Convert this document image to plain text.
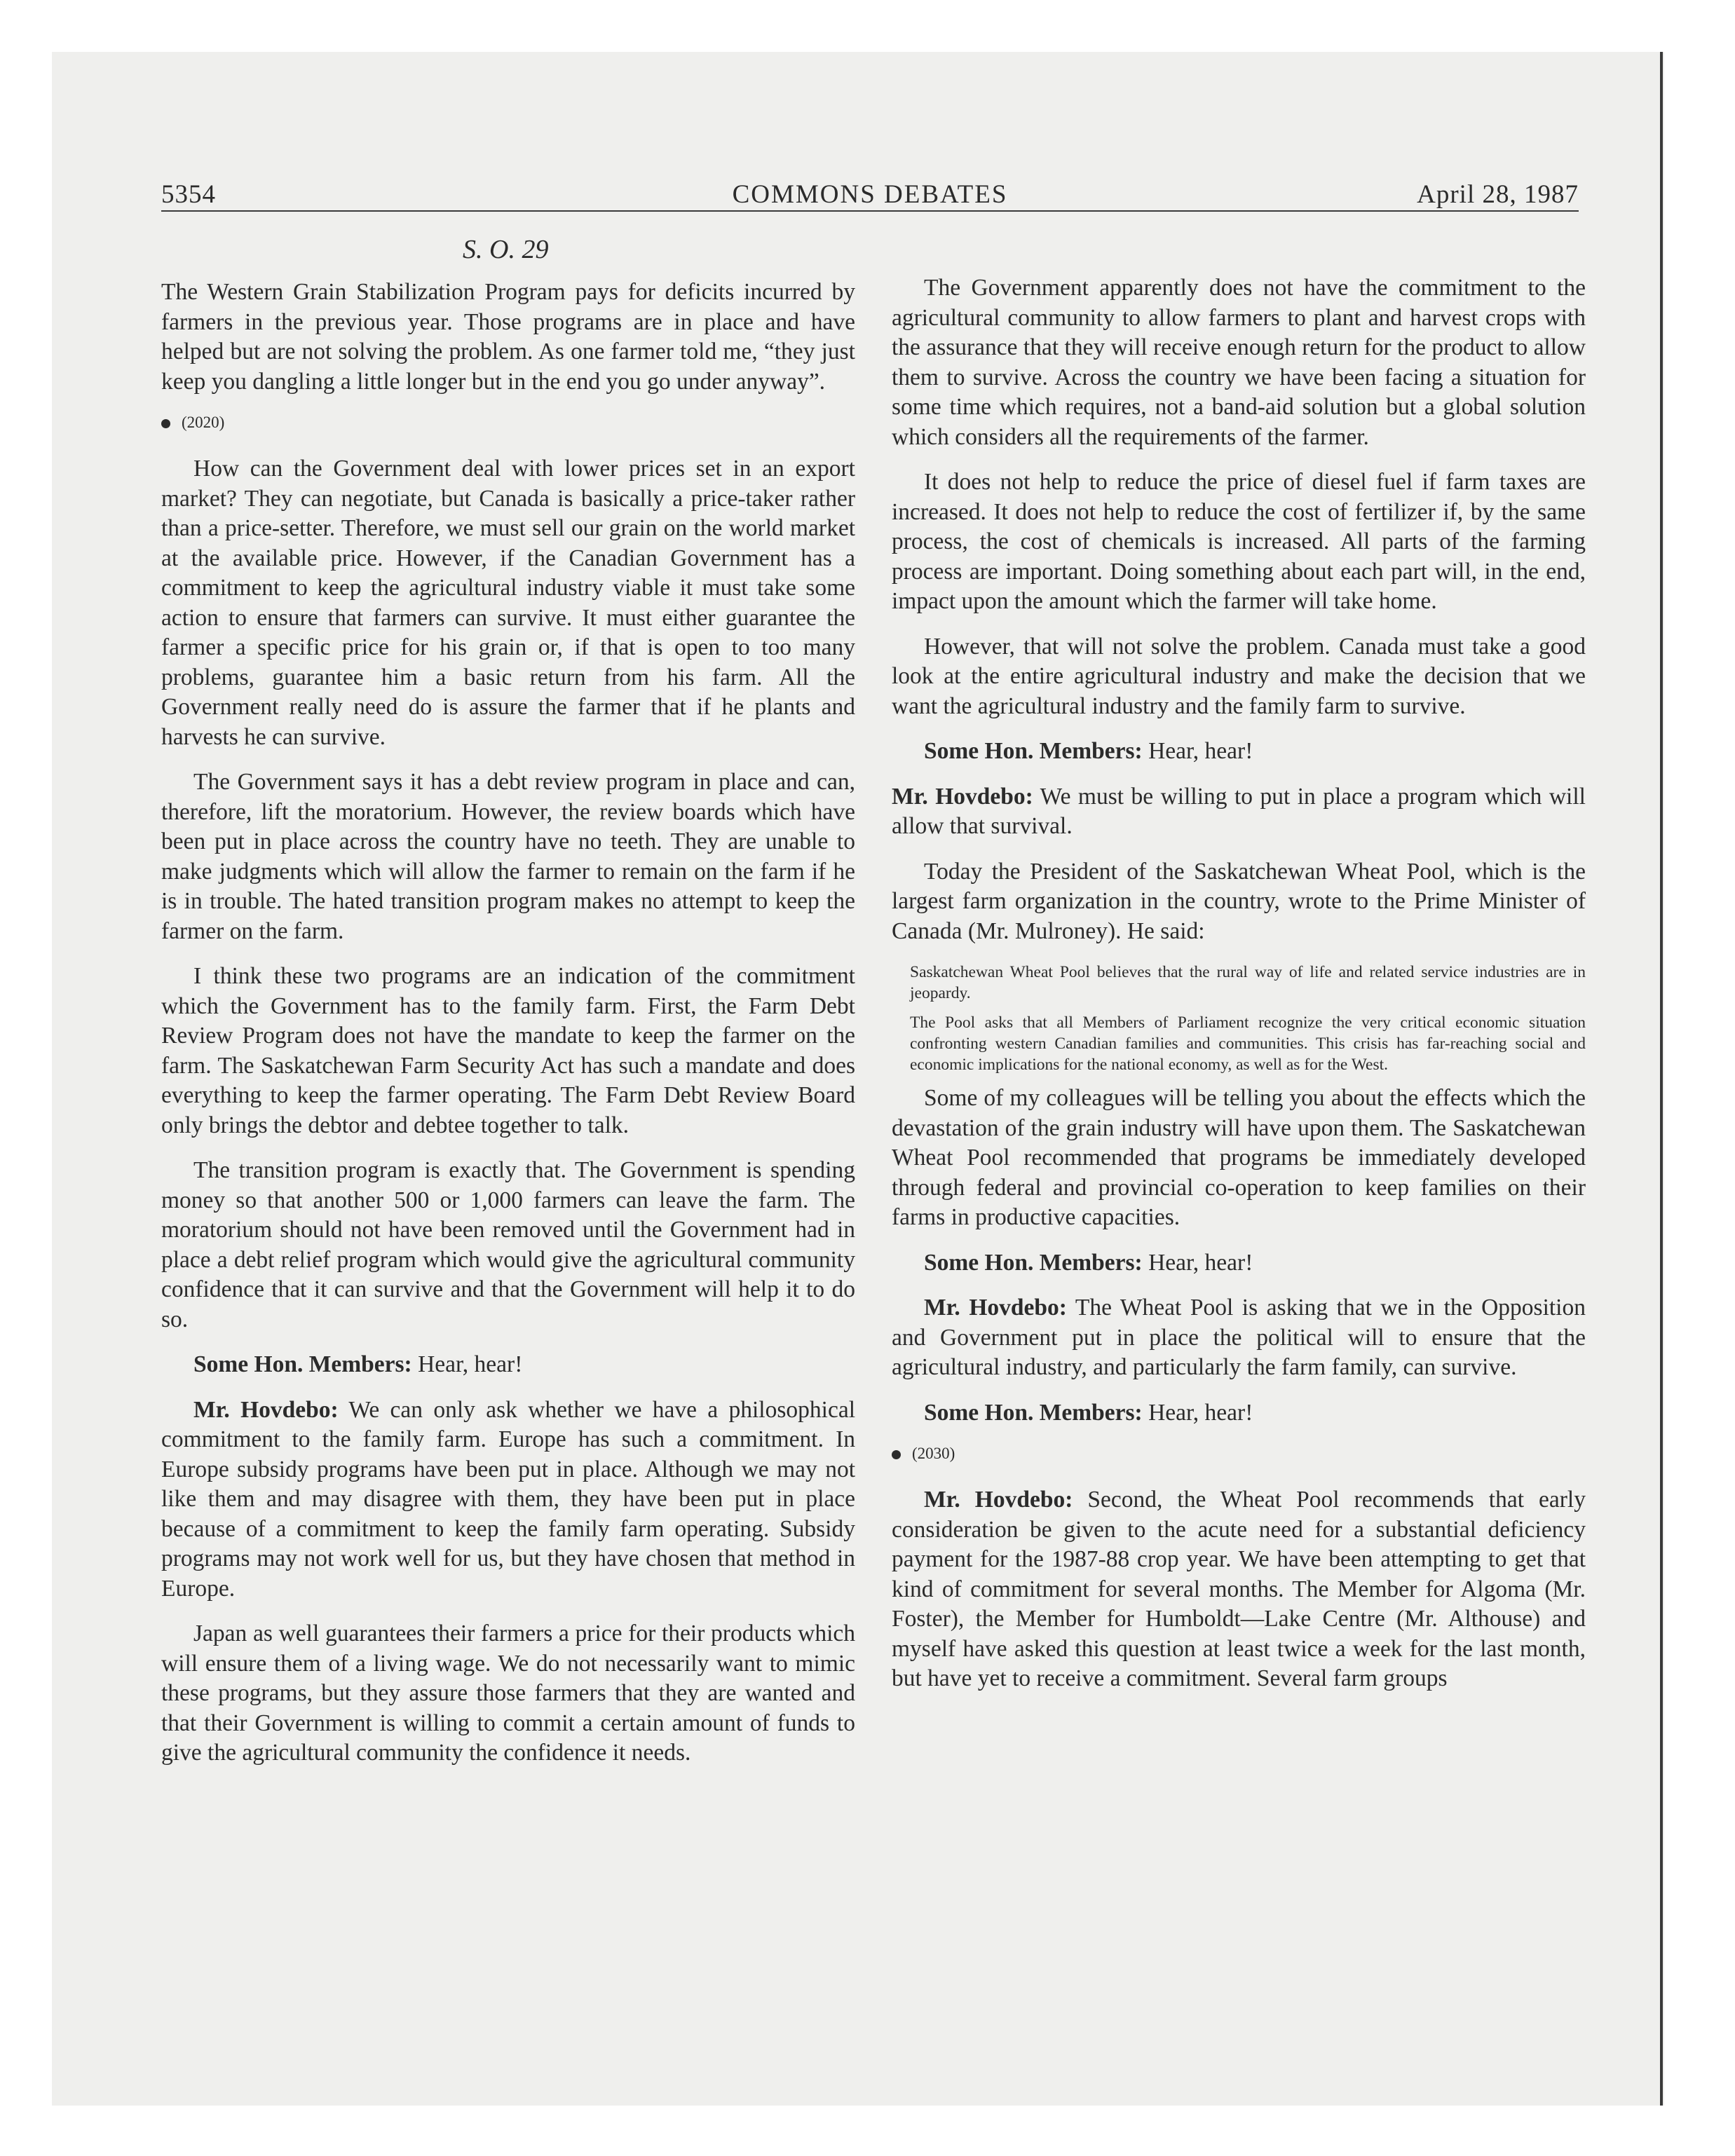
5354	COMMONS DEBATES	April 28, 1987
S. O. 29

The Western Grain Stabilization Program pays for deficits incurred by farmers in the previous year. Those programs are in place and have helped but are not solving the problem. As one farmer told me, “they just keep you dangling a little longer but in the end you go under anyway”.

(2020)

How can the Government deal with lower prices set in an export market? They can negotiate, but Canada is basically a price-taker rather than a price-setter. Therefore, we must sell our grain on the world market at the available price. However, if the Canadian Government has a commitment to keep the agricultural industry viable it must take some action to ensure that farmers can survive. It must either guarantee the farmer a specific price for his grain or, if that is open to too many problems, guarantee him a basic return from his farm. All the Government really need do is assure the farmer that if he plants and harvests he can survive.

The Government says it has a debt review program in place and can, therefore, lift the moratorium. However, the review boards which have been put in place across the country have no teeth. They are unable to make judgments which will allow the farmer to remain on the farm if he is in trouble. The hated transition program makes no attempt to keep the farmer on the farm.

I think these two programs are an indication of the commitment which the Government has to the family farm. First, the Farm Debt Review Program does not have the mandate to keep the farmer on the farm. The Saskatchewan Farm Security Act has such a mandate and does everything to keep the farmer operating. The Farm Debt Review Board only brings the debtor and debtee together to talk.

The transition program is exactly that. The Government is spending money so that another 500 or 1,000 farmers can leave the farm. The moratorium should not have been removed until the Government had in place a debt relief program which would give the agricultural community confidence that it can survive and that the Government will help it to do so.

Some Hon. Members: Hear, hear!

Mr. Hovdebo: We can only ask whether we have a philosophical commitment to the family farm. Europe has such a commitment. In Europe subsidy programs have been put in place. Although we may not like them and may disagree with them, they have been put in place because of a commitment to keep the family farm operating. Subsidy programs may not work well for us, but they have chosen that method in Europe.

Japan as well guarantees their farmers a price for their products which will ensure them of a living wage. We do not necessarily want to mimic these programs, but they assure those farmers that they are wanted and that their Government is willing to commit a certain amount of funds to give the agricultural community the confidence it needs.

The Government apparently does not have the commitment to the agricultural community to allow farmers to plant and harvest crops with the assurance that they will receive enough return for the product to allow them to survive. Across the country we have been facing a situation for some time which requires, not a band-aid solution but a global solution which considers all the requirements of the farmer.

It does not help to reduce the price of diesel fuel if farm taxes are increased. It does not help to reduce the cost of fertilizer if, by the same process, the cost of chemicals is increased. All parts of the farming process are important. Doing something about each part will, in the end, impact upon the amount which the farmer will take home.

However, that will not solve the problem. Canada must take a good look at the entire agricultural industry and make the decision that we want the agricultural industry and the family farm to survive.

Some Hon. Members: Hear, hear!

Mr. Hovdebo: We must be willing to put in place a program which will allow that survival.

Today the President of the Saskatchewan Wheat Pool, which is the largest farm organization in the country, wrote to the Prime Minister of Canada (Mr. Mulroney). He said:

Saskatchewan Wheat Pool believes that the rural way of life and related service industries are in jeopardy.
The Pool asks that all Members of Parliament recognize the very critical economic situation confronting western Canadian families and communities. This crisis has far-reaching social and economic implications for the national economy, as well as for the West.

Some of my colleagues will be telling you about the effects which the devastation of the grain industry will have upon them. The Saskatchewan Wheat Pool recommended that programs be immediately developed through federal and provincial co-operation to keep families on their farms in productive capacities.

Some Hon. Members: Hear, hear!

Mr. Hovdebo: The Wheat Pool is asking that we in the Opposition and Government put in place the political will to ensure that the agricultural industry, and particularly the farm family, can survive.

Some Hon. Members: Hear, hear!

(2030)

Mr. Hovdebo: Second, the Wheat Pool recommends that early consideration be given to the acute need for a substantial deficiency payment for the 1987-88 crop year. We have been attempting to get that kind of commitment for several months. The Member for Algoma (Mr. Foster), the Member for Humboldt—Lake Centre (Mr. Althouse) and myself have asked this question at least twice a week for the last month, but have yet to receive a commitment. Several farm groups
